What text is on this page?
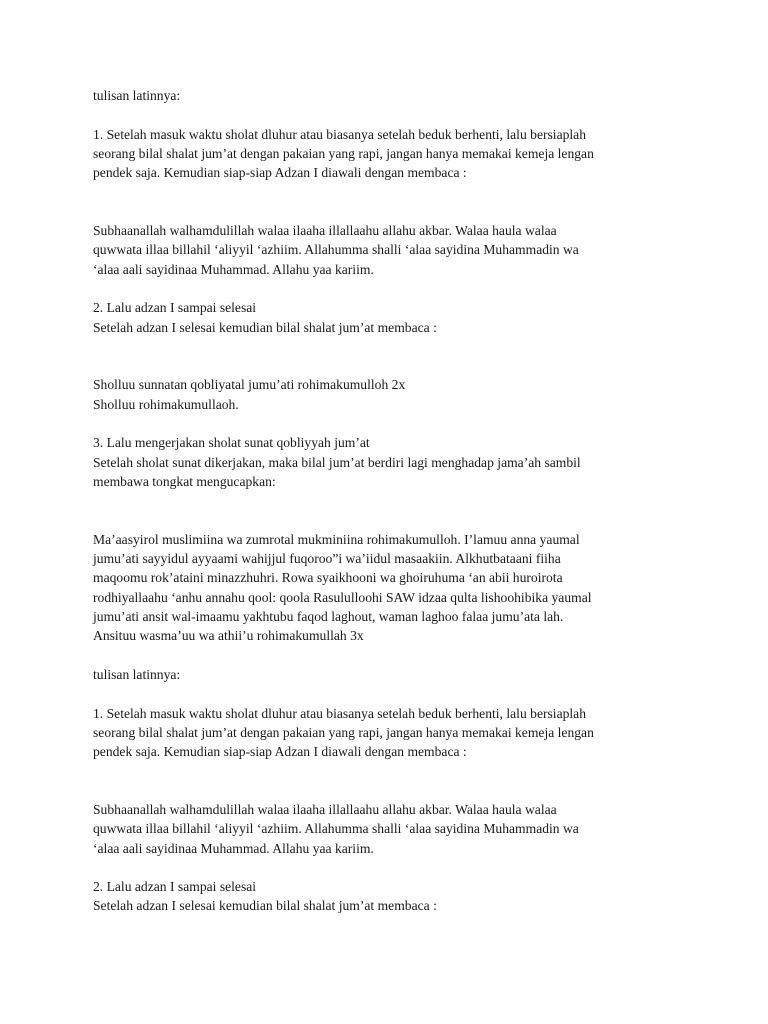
tulisan latinnya:
1. Setelah masuk waktu sholat dluhur atau biasanya setelah beduk berhenti, lalu bersiaplah
seorang bilal shalat jum’at dengan pakaian yang rapi, jangan hanya memakai kemeja lengan
pendek saja. Kemudian siap-siap Adzan I diawali dengan membaca :
Subhaanallah walhamdulillah walaa ilaaha illallaahu allahu akbar. Walaa haula walaa
quwwata illaa billahil ‘aliyyil ‘azhiim. Allahumma shalli ‘alaa sayidina Muhammadin wa
‘alaa aali sayidinaa Muhammad. Allahu yaa kariim.
2. Lalu adzan I sampai selesai
Setelah adzan I selesai kemudian bilal shalat jum’at membaca :
Sholluu sunnatan qobliyatal jumu’ati rohimakumulloh 2x
Sholluu rohimakumullaoh.
3. Lalu mengerjakan sholat sunat qobliyyah jum’at
Setelah sholat sunat dikerjakan, maka bilal jum’at berdiri lagi menghadap jama’ah sambil
membawa tongkat mengucapkan:
Ma’aasyirol muslimiina wa zumrotal mukminiina rohimakumulloh. I’lamuu anna yaumal
jumu’ati sayyidul ayyaami wahijjul fuqoroo”i wa’iidul masaakiin. Alkhutbataani fiiha
maqoomu rok’ataini minazzhuhri. Rowa syaikhooni wa ghoiruhuma ‘an abii huroirota
rodhiyallaahu ‘anhu annahu qool: qoola Rasululloohi SAW idzaa qulta lishoohibika yaumal
jumu’ati ansit wal-imaamu yakhtubu faqod laghout, waman laghoo falaa jumu’ata lah.
Ansituu wasma’uu wa athii’u rohimakumullah 3x
tulisan latinnya:
1. Setelah masuk waktu sholat dluhur atau biasanya setelah beduk berhenti, lalu bersiaplah
seorang bilal shalat jum’at dengan pakaian yang rapi, jangan hanya memakai kemeja lengan
pendek saja. Kemudian siap-siap Adzan I diawali dengan membaca :
Subhaanallah walhamdulillah walaa ilaaha illallaahu allahu akbar. Walaa haula walaa
quwwata illaa billahil ‘aliyyil ‘azhiim. Allahumma shalli ‘alaa sayidina Muhammadin wa
‘alaa aali sayidinaa Muhammad. Allahu yaa kariim.
2. Lalu adzan I sampai selesai
Setelah adzan I selesai kemudian bilal shalat jum’at membaca :
